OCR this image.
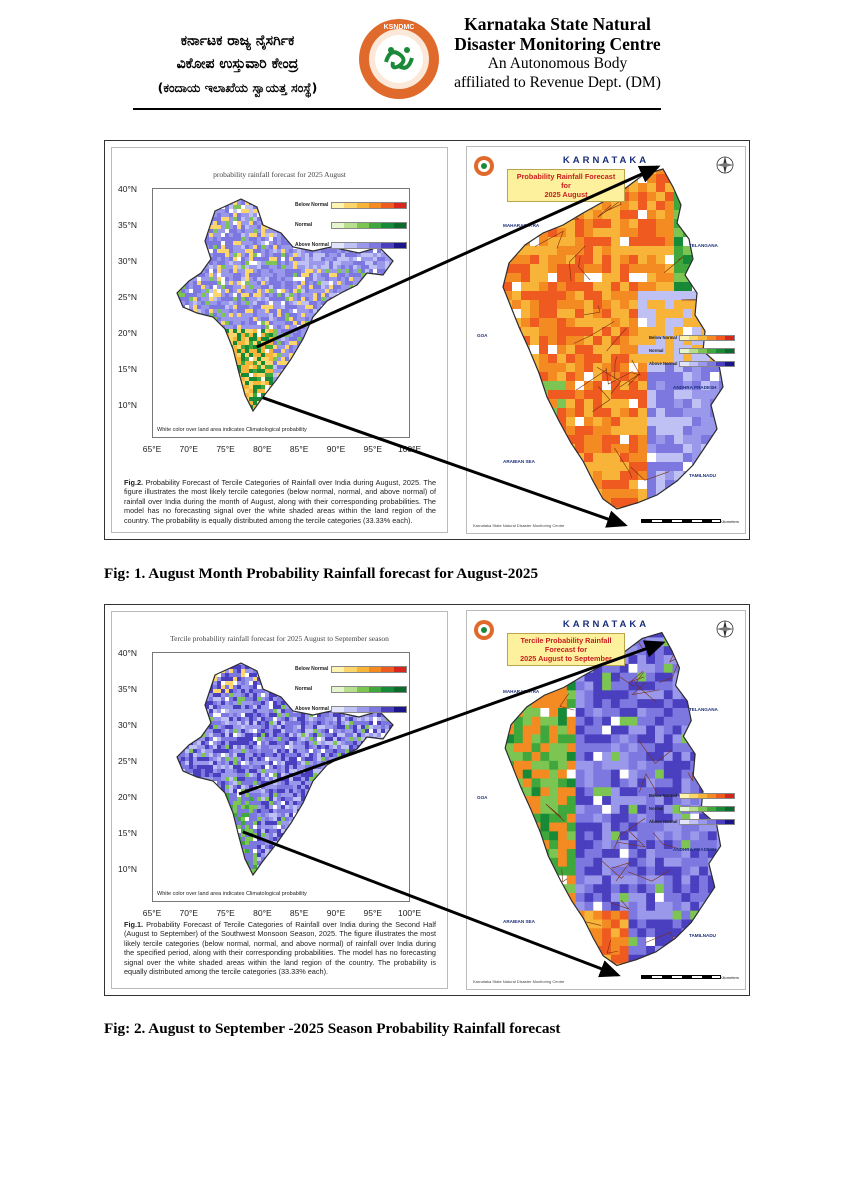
ಕರ್ನಾಟಕ ರಾಜ್ಯ ನೈಸರ್ಗಿಕ
ವಿಕೋಪ ಉಸ್ತುವಾರಿ ಕೇಂದ್ರ
(ಕಂದಾಯ ಇಲಾಖೆಯ ಸ್ವಾಯತ್ತ ಸಂಸ್ಥೆ)
KSNDMC	Karnataka State Natural
Disaster Monitoring Centre
An Autonomous Body
affiliated to Revenue Dept. (DM)
probability rainfall forecast for 2025 August
Below Normal
Normal
Above Normal
White color over land area indicates Climatological probability
40°N
35°N
30°N
25°N
20°N
15°N
10°N
65°E 70°E 75°E 80°E 85°E 90°E 95°E 100°E
Fig.2. Probability Forecast of Tercile Categories of Rainfall over India during August, 2025. The figure illustrates the most likely tercile categories (below normal, normal, and above normal) of rainfall over India during the month of August, along with their corresponding probabilities. The model has no forecasting signal over the white shaded areas within the land region of the country. The probability is equally distributed among the tercile categories (33.33% each).
KARNATAKA
Probability Rainfall Forecast for
2025 August
MAHARASHTRA
TELANGANA
ANDHRA PRADESH
TAMILNADU
ARABIAN SEA
GOA	Below Normal
Normal
Above Normal
Karnataka State Natural Disaster Monitoring Centre
Kilometers
Fig: 1. August Month Probability Rainfall forecast for August-2025
Tercile probability rainfall forecast for 2025 August to September season
Below Normal
Normal
Above Normal
White color over land area indicates Climatological probability
40°N
35°N
30°N
25°N
20°N
15°N
10°N
65°E 70°E 75°E 80°E 85°E 90°E 95°E 100°E
Fig.1. Probability Forecast of Tercile Categories of Rainfall over India during the Second Half (August to September) of the Southwest Monsoon Season, 2025. The figure illustrates the most likely tercile categories (below normal, normal, and above normal) of rainfall over India during the specified period, along with their corresponding probabilities. The model has no forecasting signal over the white shaded areas within the land region of the country. The probability is equally distributed among the tercile categories (33.33% each).
KARNATAKA
Tercile Probability Rainfall Forecast for
2025 August to September
MAHARASHTRA
TELANGANA
ANDHRA PRADESH
TAMILNADU
ARABIAN SEA
GOA	Below Normal
Normal
Above Normal
Karnataka State Natural Disaster Monitoring Centre
Kilometers
Fig: 2. August to September -2025 Season Probability Rainfall forecast
